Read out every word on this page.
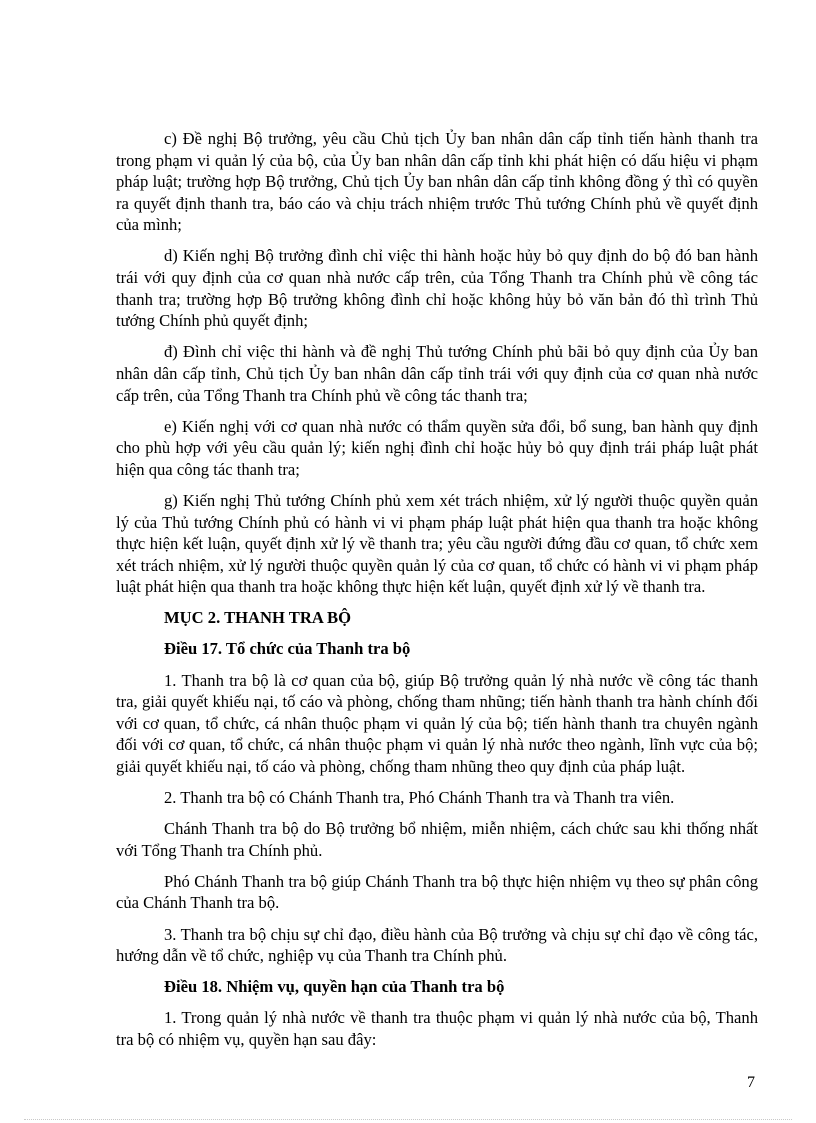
c) Đề nghị Bộ trưởng, yêu cầu Chủ tịch Ủy ban nhân dân cấp tỉnh tiến hành thanh tra trong phạm vi quản lý của bộ, của Ủy ban nhân dân cấp tỉnh khi phát hiện có dấu hiệu vi phạm pháp luật; trường hợp Bộ trưởng, Chủ tịch Ủy ban nhân dân cấp tỉnh không đồng ý thì có quyền ra quyết định thanh tra, báo cáo và chịu trách nhiệm trước Thủ tướng Chính phủ về quyết định của mình;

d) Kiến nghị Bộ trưởng đình chỉ việc thi hành hoặc hủy bỏ quy định do bộ đó ban hành trái với quy định của cơ quan nhà nước cấp trên, của Tổng Thanh tra Chính phủ về công tác thanh tra; trường hợp Bộ trưởng không đình chỉ hoặc không hủy bỏ văn bản đó thì trình Thủ tướng Chính phủ quyết định;

đ) Đình chỉ việc thi hành và đề nghị Thủ tướng Chính phủ bãi bỏ quy định của Ủy ban nhân dân cấp tỉnh, Chủ tịch Ủy ban nhân dân cấp tỉnh trái với quy định của cơ quan nhà nước cấp trên, của Tổng Thanh tra Chính phủ về công tác thanh tra;

e) Kiến nghị với cơ quan nhà nước có thẩm quyền sửa đổi, bổ sung, ban hành quy định cho phù hợp với yêu cầu quản lý; kiến nghị đình chỉ hoặc hủy bỏ quy định trái pháp luật phát hiện qua công tác thanh tra;

g) Kiến nghị Thủ tướng Chính phủ xem xét trách nhiệm, xử lý người thuộc quyền quản lý của Thủ tướng Chính phủ có hành vi vi phạm pháp luật phát hiện qua thanh tra hoặc không thực hiện kết luận, quyết định xử lý về thanh tra; yêu cầu người đứng đầu cơ quan, tổ chức xem xét trách nhiệm, xử lý người thuộc quyền quản lý của cơ quan, tổ chức có hành vi vi phạm pháp luật phát hiện qua thanh tra hoặc không thực hiện kết luận, quyết định xử lý về thanh tra.

MỤC 2. THANH TRA BỘ

Điều 17. Tổ chức của Thanh tra bộ

1. Thanh tra bộ là cơ quan của bộ, giúp Bộ trưởng quản lý nhà nước về công tác thanh tra, giải quyết khiếu nại, tố cáo và phòng, chống tham nhũng; tiến hành thanh tra hành chính đối với cơ quan, tổ chức, cá nhân thuộc phạm vi quản lý của bộ; tiến hành thanh tra chuyên ngành đối với cơ quan, tổ chức, cá nhân thuộc phạm vi quản lý nhà nước theo ngành, lĩnh vực của bộ; giải quyết khiếu nại, tố cáo và phòng, chống tham nhũng theo quy định của pháp luật.

2. Thanh tra bộ có Chánh Thanh tra, Phó Chánh Thanh tra và Thanh tra viên.

Chánh Thanh tra bộ do Bộ trưởng bổ nhiệm, miễn nhiệm, cách chức sau khi thống nhất với Tổng Thanh tra Chính phủ.

Phó Chánh Thanh tra bộ giúp Chánh Thanh tra bộ thực hiện nhiệm vụ theo sự phân công của Chánh Thanh tra bộ.

3. Thanh tra bộ chịu sự chỉ đạo, điều hành của Bộ trưởng và chịu sự chỉ đạo về công tác, hướng dẫn về tổ chức, nghiệp vụ của Thanh tra Chính phủ.

Điều 18. Nhiệm vụ, quyền hạn của Thanh tra bộ

1. Trong quản lý nhà nước về thanh tra thuộc phạm vi quản lý nhà nước của bộ, Thanh tra bộ có nhiệm vụ, quyền hạn sau đây:

7
